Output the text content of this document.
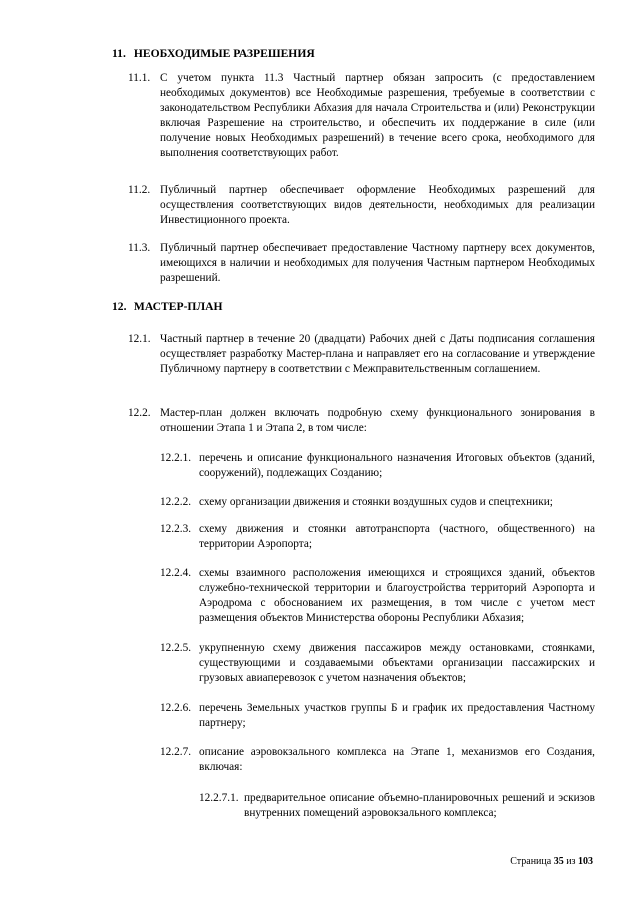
11. НЕОБХОДИМЫЕ РАЗРЕШЕНИЯ
11.1. С учетом пункта 11.3 Частный партнер обязан запросить (с предоставлением необходимых документов) все Необходимые разрешения, требуемые в соответствии с законодательством Республики Абхазия для начала Строительства и (или) Реконструкции включая Разрешение на строительство, и обеспечить их поддержание в силе (или получение новых Необходимых разрешений) в течение всего срока, необходимого для выполнения соответствующих работ.
11.2. Публичный партнер обеспечивает оформление Необходимых разрешений для осуществления соответствующих видов деятельности, необходимых для реализации Инвестиционного проекта.
11.3. Публичный партнер обеспечивает предоставление Частному партнеру всех документов, имеющихся в наличии и необходимых для получения Частным партнером Необходимых разрешений.
12. МАСТЕР-ПЛАН
12.1. Частный партнер в течение 20 (двадцати) Рабочих дней с Даты подписания соглашения осуществляет разработку Мастер-плана и направляет его на согласование и утверждение Публичному партнеру в соответствии с Межправительственным соглашением.
12.2. Мастер-план должен включать подробную схему функционального зонирования в отношении Этапа 1 и Этапа 2, в том числе:
12.2.1. перечень и описание функционального назначения Итоговых объектов (зданий, сооружений), подлежащих Созданию;
12.2.2. схему организации движения и стоянки воздушных судов и спецтехники;
12.2.3. схему движения и стоянки автотранспорта (частного, общественного) на территории Аэропорта;
12.2.4. схемы взаимного расположения имеющихся и строящихся зданий, объектов служебно-технической территории и благоустройства территорий Аэропорта и Аэродрома с обоснованием их размещения, в том числе с учетом мест размещения объектов Министерства обороны Республики Абхазия;
12.2.5. укрупненную схему движения пассажиров между остановками, стоянками, существующими и создаваемыми объектами организации пассажирских и грузовых авиаперевозок с учетом назначения объектов;
12.2.6. перечень Земельных участков группы Б и график их предоставления Частному партнеру;
12.2.7. описание аэровокзального комплекса на Этапе 1, механизмов его Создания, включая:
12.2.7.1. предварительное описание объемно-планировочных решений и эскизов внутренних помещений аэровокзального комплекса;
Страница 35 из 103
